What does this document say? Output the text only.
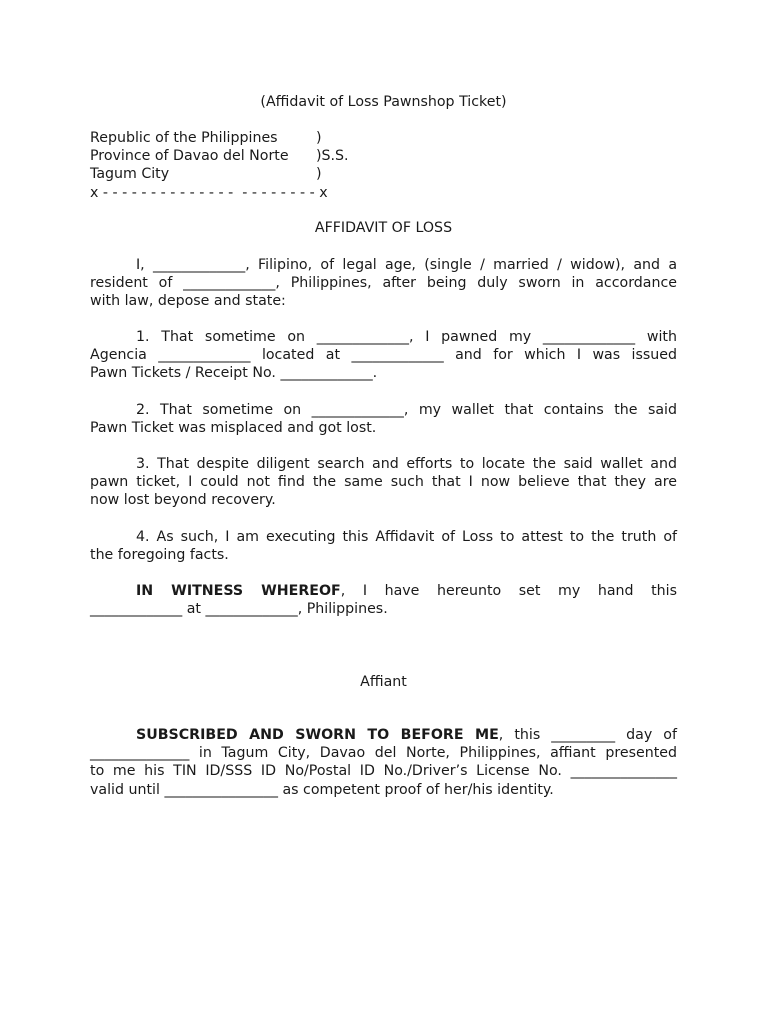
(Affidavit of Loss Pawnshop Ticket)

Republic of the Philippines	)
Province of Davao del Norte	)S.S.
Tagum City	)
x - - - - - - - - - - - - - -  - - - - - - - - x

AFFIDAVIT OF LOSS

I, _____________, Filipino, of legal age, (single / married / widow), and a
resident of _____________, Philippines, after being duly sworn in accordance
with law, depose and state:
1. That sometime on _____________, I pawned my _____________ with
Agencia _____________ located at _____________ and for which I was issued
Pawn Tickets / Receipt No. _____________.
2. That sometime on _____________, my wallet that contains the said
Pawn Ticket was misplaced and got lost.
3. That despite diligent search and efforts to locate the said wallet and
pawn ticket, I could not find the same such that I now believe that they are
now lost beyond recovery.
4. As such, I am executing this Affidavit of Loss to attest to the truth of
the foregoing facts.
IN WITNESS WHEREOF, I have hereunto set my hand this
_____________ at _____________, Philippines.

Affiant

SUBSCRIBED AND SWORN TO BEFORE ME, this _________ day of
______________ in Tagum City, Davao del Norte, Philippines, affiant presented
to me his TIN ID/SSS ID No/Postal ID No./Driver’s License No. _______________
valid until ________________ as competent proof of her/his identity.
